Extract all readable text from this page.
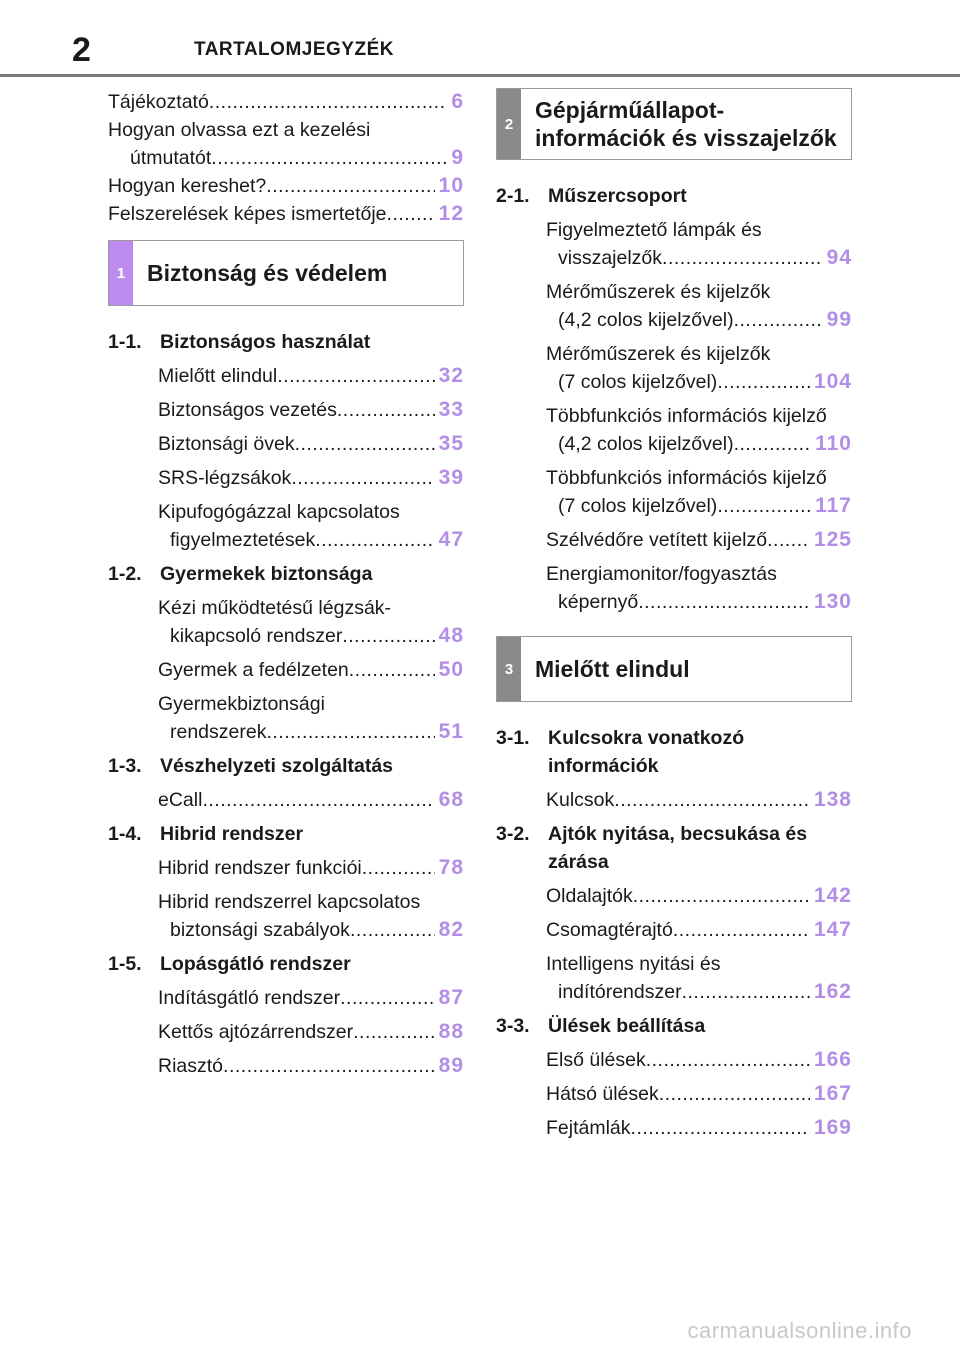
2	TARTALOMJEGYZÉK
Tájékoztató .....	6
Hogyan olvassa ezt a kezelési
útmutatót .....	9
Hogyan kereshet? .....	10
Felszerelések képes ismertetője ..... 12
1 Biztonság és védelem
1-1. Biztonságos használat
Mielőtt elindul .....	32
Biztonságos vezetés .....	33
Biztonsági övek .....	35
SRS-légzsákok .....	39
Kipufogógázzal kapcsolatos
figyelmeztetések .....	47
1-2. Gyermekek biztonsága
Kézi működtetésű légzsák-
kikapcsoló rendszer .....	48
Gyermek a fedélzeten .....	50
Gyermekbiztonsági
rendszerek .....	51
1-3. Vészhelyzeti szolgáltatás
eCall .....	68
1-4. Hibrid rendszer
Hibrid rendszer funkciói .....	78
Hibrid rendszerrel kapcsolatos
biztonsági szabályok .....	82
1-5. Lopásgátló rendszer
Indításgátló rendszer .....	87
Kettős ajtózárrendszer .....	88
Riasztó .....	89
2
Gépjárműállapot-
információk és visszajelzők
2-1. Műszercsoport
Figyelmeztető lámpák és
visszajelzők .....	94
Mérőműszerek és kijelzők
(4,2 colos kijelzővel) .....	99
Mérőműszerek és kijelzők
(7 colos kijelzővel) .....	104
Többfunkciós információs kijelző
(4,2 colos kijelzővel) .....	110
Többfunkciós információs kijelző
(7 colos kijelzővel) .....	117
Szélvédőre vetített kijelző ..... 125
Energiamonitor/fogyasztás
képernyő .....	130
3 Mielőtt elindul
3-1. Kulcsokra vonatkozó
információk
Kulcsok .....	138
3-2. Ajtók nyitása, becsukása és
zárása
Oldalajtók .....	142
Csomagtérajtó .....	147
Intelligens nyitási és
indítórendszer .....	162
3-3. Ülések beállítása
Első ülések .....	166
Hátsó ülések .....	167
Fejtámlák .....	169
carmanualsonline.info
